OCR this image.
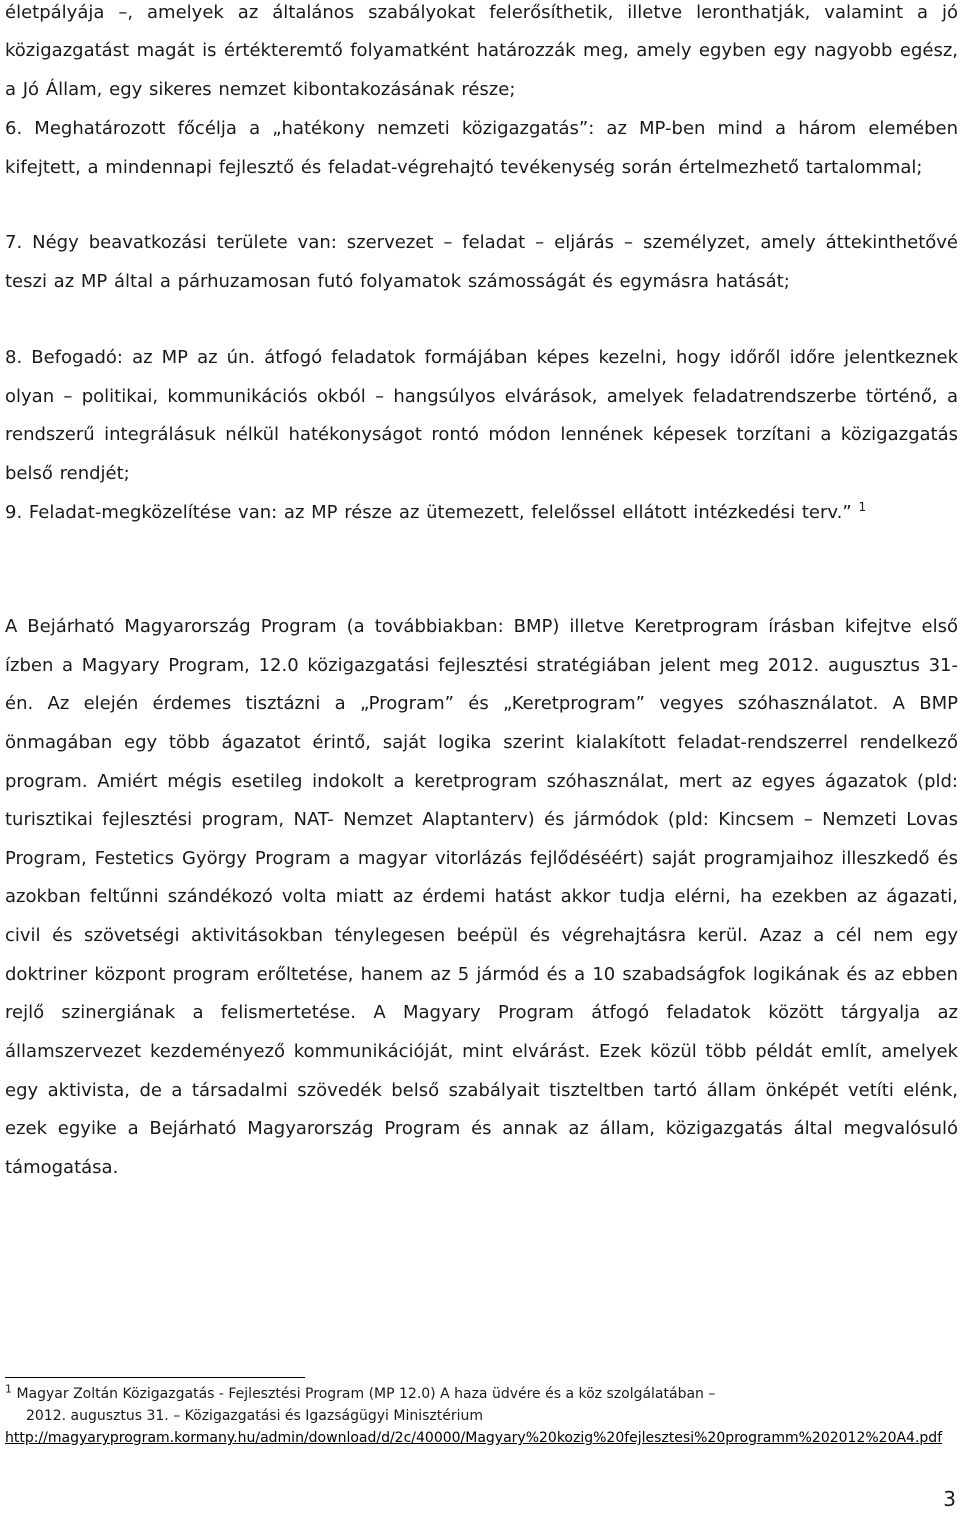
életpályája –, amelyek az általános szabályokat felerősíthetik, illetve leronthatják, valamint a jó közigazgatást magát is értékteremtő folyamatként határozzák meg, amely egyben egy nagyobb egész, a Jó Állam, egy sikeres nemzet kibontakozásának része;

6. Meghatározott főcélja a „hatékony nemzeti közigazgatás”: az MP-ben mind a három elemében kifejtett, a mindennapi fejlesztő és feladat-végrehajtó tevékenység során értelmezhető tartalommal;

7. Négy beavatkozási területe van: szervezet – feladat – eljárás – személyzet, amely áttekinthetővé teszi az MP által a párhuzamosan futó folyamatok számosságát és egymásra hatását;

8. Befogadó: az MP az ún. átfogó feladatok formájában képes kezelni, hogy időről időre jelentkeznek olyan – politikai, kommunikációs okból – hangsúlyos elvárások, amelyek feladatrendszerbe történő, a rendszerű integrálásuk nélkül hatékonyságot rontó módon lennének képesek torzítani a közigazgatás belső rendjét;

9. Feladat-megközelítése van: az MP része az ütemezett, felelőssel ellátott intézkedési terv.” $^1$

A Bejárható Magyarország Program (a továbbiakban: BMP) illetve Keretprogram írásban kifejtve első ízben a Magyary Program, 12.0 közigazgatási fejlesztési stratégiában jelent meg 2012. augusztus 31-én. Az elején érdemes tisztázni a „Program” és „Keretprogram” vegyes szóhasználatot. A BMP önmagában egy több ágazatot érintő, saját logika szerint kialakított feladat-rendszerrel rendelkező program. Amiért mégis esetileg indokolt a keretprogram szóhasználat, mert az egyes ágazatok (pld: turisztikai fejlesztési program, NAT- Nemzet Alaptanterv) és jármódok (pld: Kincsem – Nemzeti Lovas Program, Festetics György Program a magyar vitorlázás fejlődéséért) saját programjaihoz illeszkedő és azokban feltűnni szándékozó volta miatt az érdemi hatást akkor tudja elérni, ha ezekben az ágazati, civil és szövetségi aktivitásokban ténylegesen beépül és végrehajtásra kerül. Azaz a cél nem egy doktriner központ program erőltetése, hanem az 5 jármód és a 10 szabadságfok logikának és az ebben rejlő szinergiának a felismertetése. A Magyary Program átfogó feladatok között tárgyalja az államszervezet kezdeményező kommunikációját, mint elvárást. Ezek közül több példát említ, amelyek egy aktivista, de a társadalmi szövedék belső szabályait tiszteltben tartó állam önképét vetíti elénk, ezek egyike a Bejárható Magyarország Program és annak az állam, közigazgatás által megvalósuló támogatása.

$^1$ Magyar Zoltán Közigazgatás - Fejlesztési Program (MP 12.0) A haza üdvére és a köz szolgálatában –
2012. augusztus 31. – Közigazgatási és Igazságügyi Minisztérium
http://magyaryprogram.kormany.hu/admin/download/d/2c/40000/Magyary%20kozig%20fejlesztesi%20programm%202012%20A4.pdf
3
